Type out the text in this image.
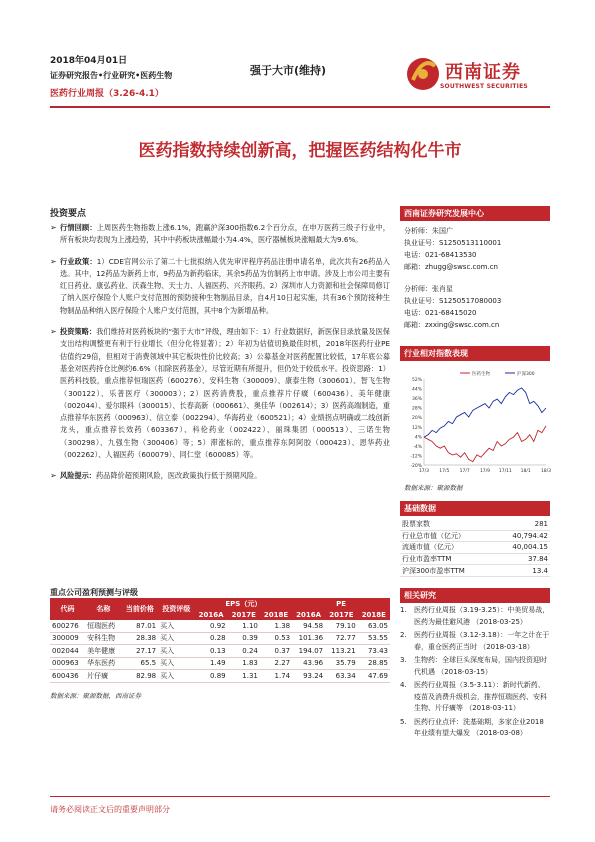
2018年04月01日
证券研究报告•行业研究•医药生物
医药行业周报（3.26-4.1）
强于大市(维持)	西南证券
SOUTHWEST SECURITIES
医药指数持续创新高，把握医药结构化牛市
投资要点
➢ 行情回顾：上周医药生物指数上涨6.1%，跑赢沪深300指数6.2个百分点，在申万医药三级子行业中，所有板块均表现为上涨趋势，其中中药板块涨幅最小为4.4%，医疗器械板块涨幅最大为9.6%。
➢ 行业政策：1）CDE官网公示了第二十七批拟纳入优先审评程序药品注册申请名单，此次共有26药品入选。其中，12药品为新药上市，9药品为新药临床，其余5药品为仿制药上市申请。涉及上市公司主要有红日药业、康弘药业、沃森生物、天士力、人福医药、兴齐眼药。2）深圳市人力资源和社会保障局修订了纳入医疗保险个人账户支付范围的预防接种生物制品目录，自4月10日起实施，共有36个预防接种生物制品品种纳入医疗保险个人账户支付范围，其中8个为新增品种。
➢ 投资策略：我们维持对医药板块的“强于大市”评级，理由如下：1）行业数据好，新医保目录放量及医保支出结构调整更有利于行业增长（但分化将显著）；2）年初为估值切换最佳时机，2018年医药行业PE估值约29倍，但相对于消费领域中其它板块性价比较高；3）公募基金对医药配置比较低，17年底公募基金对医药持仓比例约6.6%（扣除医药基金），尽管近期有所提升，但仍处于较低水平。投资思路：1）医药科技股，重点推荐恒瑞医药（600276）、安科生物（300009）、康泰生物（300601）、智飞生物（300122）、乐普医疗（300003）；2）医药消费股，重点推荐片仔癀（600436）、美年健康（002044）、爱尔眼科（300015）、长春高新（000661）、奥佳华（002614）；3）医药高端制造，重点推荐华东医药（000963）、信立泰（002294）、华海药业（600521）；4）业绩拐点明确或二线创新龙头，重点推荐长效药（603367）、科伦药业（002422）、丽珠集团（000513）、三诺生物（300298）、九强生物（300406）等；5）滞涨标的，重点推荐东阿阿胶（000423）、恩华药业（002262）、人福医药（600079）、同仁堂（600085）等。
➢ 风险提示：药品降价超预期风险，医改政策执行低于预期风险。
重点公司盈利预测与评级
代码	名称	当前价格	投资评级	EPS（元）			PE		
				2016A	2017E	2018E	2016A	2017E	2018E
600276	恒瑞医药	87.01	买入	0.92	1.10	1.38	94.58	79.10	63.05
300009	安科生物	28.38	买入	0.28	0.39	0.53	101.36	72.77	53.55
002044	美年健康	27.17	买入	0.13	0.24	0.37	194.07	113.21	73.43
000963	华东医药	65.5	买入	1.49	1.83	2.27	43.96	35.79	28.85
600436	片仔癀	82.98	买入	0.89	1.31	1.74	93.24	63.34	47.69
数据来源：聚源数据，西南证券
西南证券研究发展中心
分析师：朱国广
执业证号：S1250513110001
电话：021-68413530
邮箱：zhugg@swsc.com.cn
分析师：张肖星
执业证号：S1250517080003
电话：021-68415020
邮箱：zxxing@swsc.com.cn
行业相对指数表现
52%
44%
36%
28%
20%
12%
4%
-4%
-12%
-20%
17/3 17/5 17/7 17/9 17/11 18/1 18/3
医药生物	沪深300
数据来源：聚源数据
基础数据
股票家数	281
行业总市值（亿元）	40,794.42
流通市值（亿元）	40,004.15
行业市盈率TTM	37.84
沪深300市盈率TTM	13.4
相关研究
1.	医药行业周报（3.19-3.25）：中美贸易战，医药为最佳避风港 （2018-03-25）
2.	医药行业周报（3.12-3.18）：一年之计在于春，重仓医药正当时 （2018-03-18）
3.	生物药：全球巨头深度布局，国内投资迎时代机遇 （2018-03-15）
4.	医药行业周报（3.5-3.11）：新时代新药、疫苗及消费升级机会，推荐恒瑞医药、安科生物、片仔癀等 （2018-03-11）
5.	医药行业点评：洗基础期，多家企业2018年业绩有望大爆发 （2018-03-08）
请务必阅读正文后的重要声明部分
